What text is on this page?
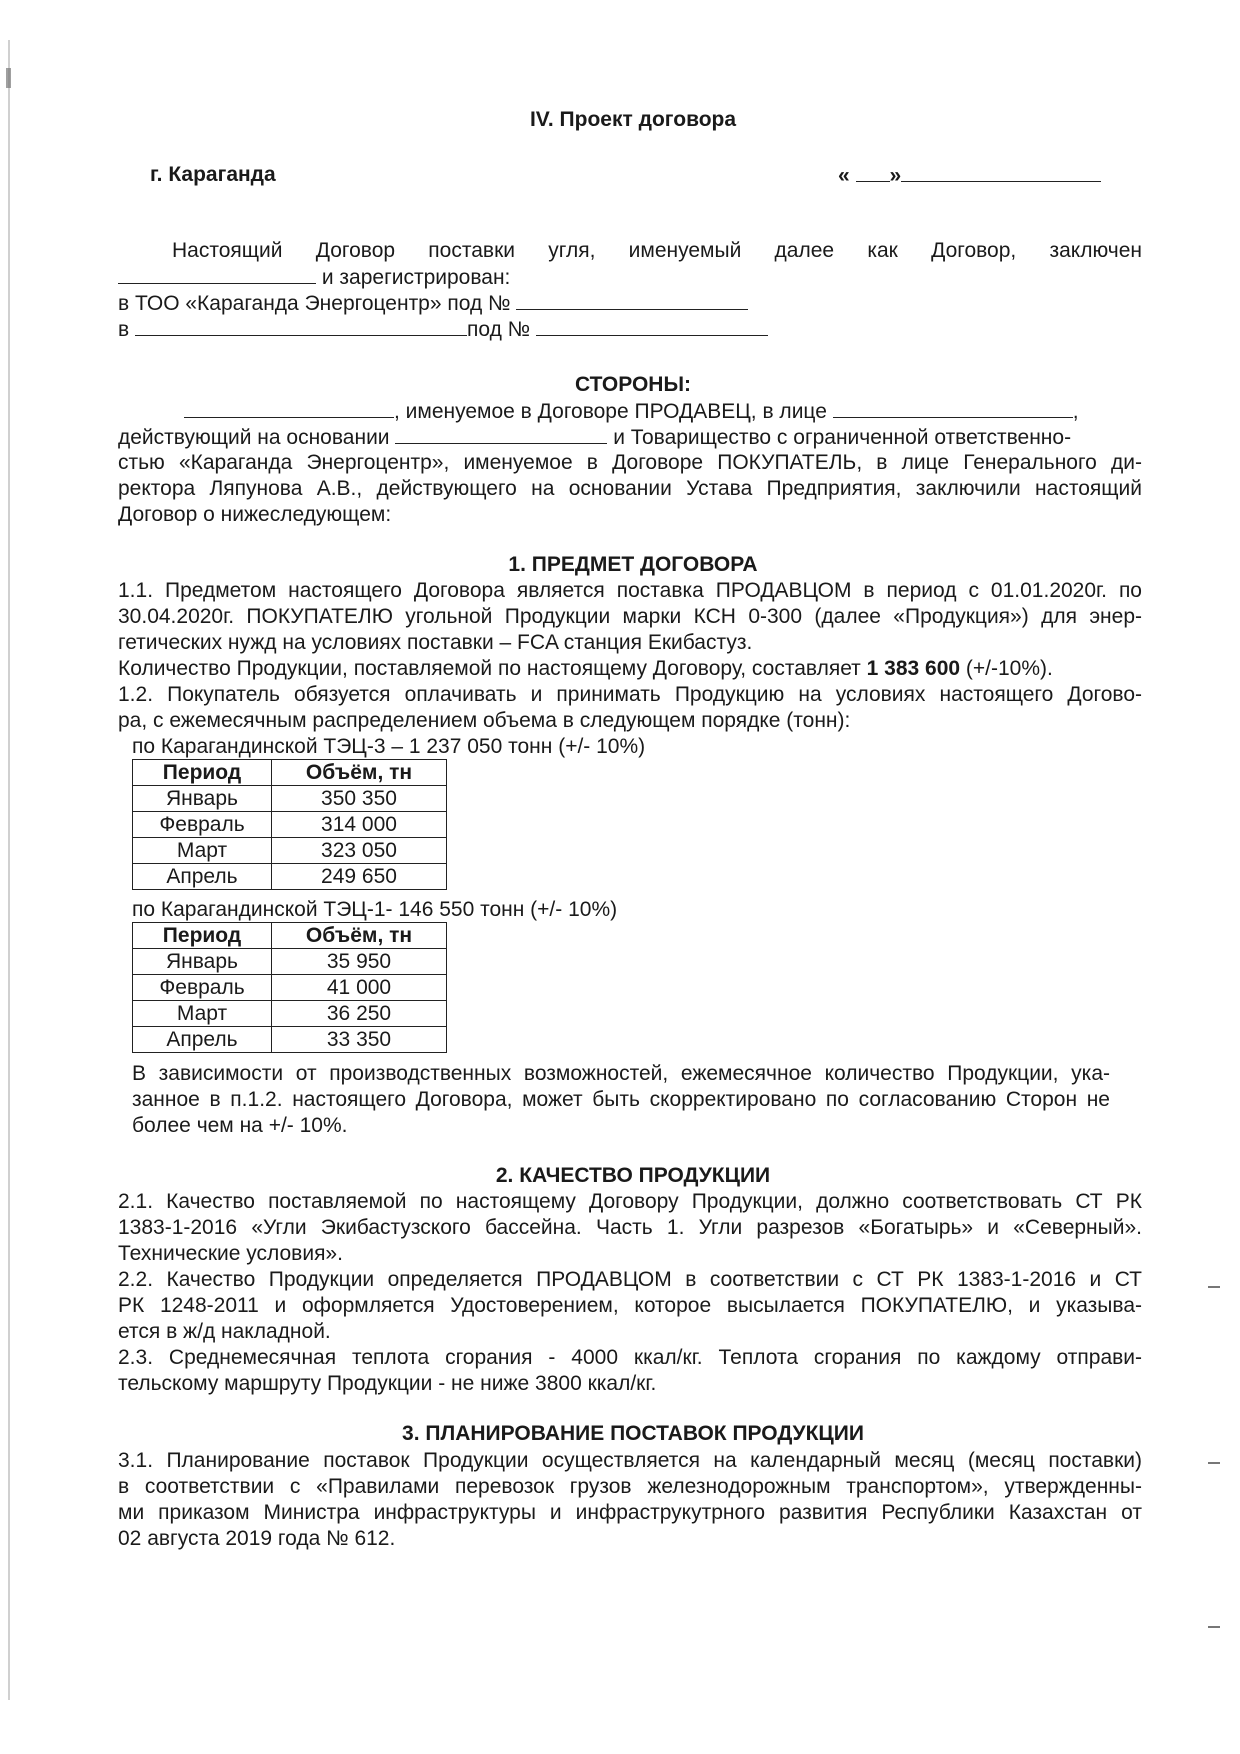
IV. Проект договора
г. Караганда	« »
Настоящий Договор поставки угля, именуемый далее как Договор, заключен
и зарегистрирован:
в ТОО «Караганда Энергоцентр» под №
в	под №
СТОРОНЫ:
, именуемое в Договоре ПРОДАВЕЦ, в лице	,
действующий на основании	и Товарищество с ограниченной ответственно-
стью «Караганда Энергоцентр», именуемое в Договоре ПОКУПАТЕЛЬ, в лице Генерального ди-
ректора Ляпунова А.В., действующего на основании Устава Предприятия, заключили настоящий
Договор о нижеследующем:
1. ПРЕДМЕТ ДОГОВОРА
1.1. Предметом настоящего Договора является поставка ПРОДАВЦОМ в период с 01.01.2020г. по
30.04.2020г. ПОКУПАТЕЛЮ угольной Продукции марки КСН 0-300 (далее «Продукция») для энер-
гетических нужд на условиях поставки – FCA станция Екибастуз.
Количество Продукции, поставляемой по настоящему Договору, составляет 1 383 600 (+/-10%).
1.2. Покупатель обязуется оплачивать и принимать Продукцию на условиях настоящего Догово-
ра, с ежемесячным распределением объема в следующем порядке (тонн):
по Карагандинской ТЭЦ-3 – 1 237 050 тонн (+/- 10%)
Период	Объём, тн
Январь	350 350
Февраль	314 000
Март	323 050
Апрель	249 650
по Карагандинской ТЭЦ-1- 146 550 тонн (+/- 10%)
Период	Объём, тн
Январь	35 950
Февраль	41 000
Март	36 250
Апрель	33 350
В зависимости от производственных возможностей, ежемесячное количество Продукции, ука-
занное в п.1.2. настоящего Договора, может быть скорректировано по согласованию Сторон не
более чем на +/- 10%.
2. КАЧЕСТВО ПРОДУКЦИИ
2.1. Качество поставляемой по настоящему Договору Продукции, должно соответствовать СТ РК
1383-1-2016 «Угли Экибастузского бассейна. Часть 1. Угли разрезов «Богатырь» и «Северный».
Технические условия».
2.2. Качество Продукции определяется ПРОДАВЦОМ в соответствии с СТ РК 1383-1-2016 и СТ
РК 1248-2011 и оформляется Удостоверением, которое высылается ПОКУПАТЕЛЮ, и указыва-
ется в ж/д накладной.
2.3. Среднемесячная теплота сгорания - 4000 ккал/кг. Теплота сгорания по каждому отправи-
тельскому маршруту Продукции - не ниже 3800 ккал/кг.
3. ПЛАНИРОВАНИЕ ПОСТАВОК ПРОДУКЦИИ
3.1. Планирование поставок Продукции осуществляется на календарный месяц (месяц поставки)
в соответствии с «Правилами перевозок грузов железнодорожным транспортом», утвержденны-
ми приказом Министра инфраструктуры и инфраструкутрного развития Республики Казахстан от
02 августа 2019 года № 612.
